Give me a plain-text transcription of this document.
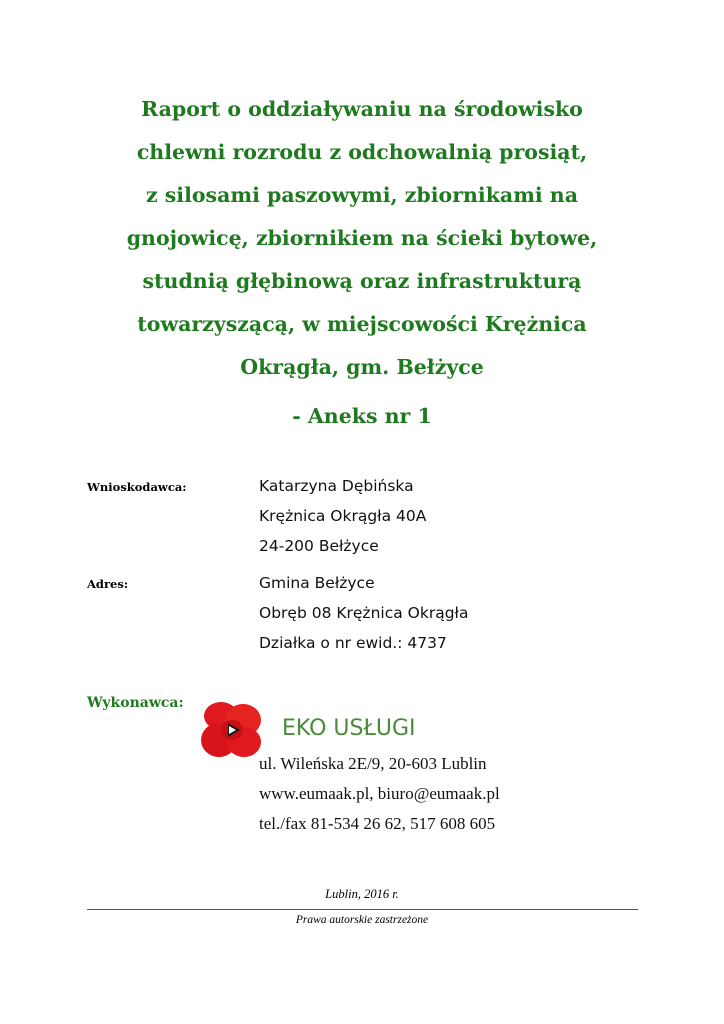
Raport o oddziaływaniu na środowisko
chlewni rozrodu z odchowalnią prosiąt,
z silosami paszowymi, zbiornikami na
gnojowicę, zbiornikiem na ścieki bytowe,
studnią głębinową oraz infrastrukturą
towarzyszącą, w miejscowości Krężnica
Okrągła, gm. Bełżyce
- Aneks nr 1
Wnioskodawca:	Katarzyna Dębińska
Krężnica Okrągła 40A
24-200 Bełżyce
Adres:	Gmina Bełżyce
Obręb 08 Krężnica Okrągła
Działka o nr ewid.: 4737
Wykonawca:
EKO USŁUGI
ul. Wileńska 2E/9, 20-603 Lublin
www.eumaak.pl, biuro@eumaak.pl
tel./fax 81-534 26 62, 517 608 605
Lublin, 2016 r.
Prawa autorskie zastrzeżone
